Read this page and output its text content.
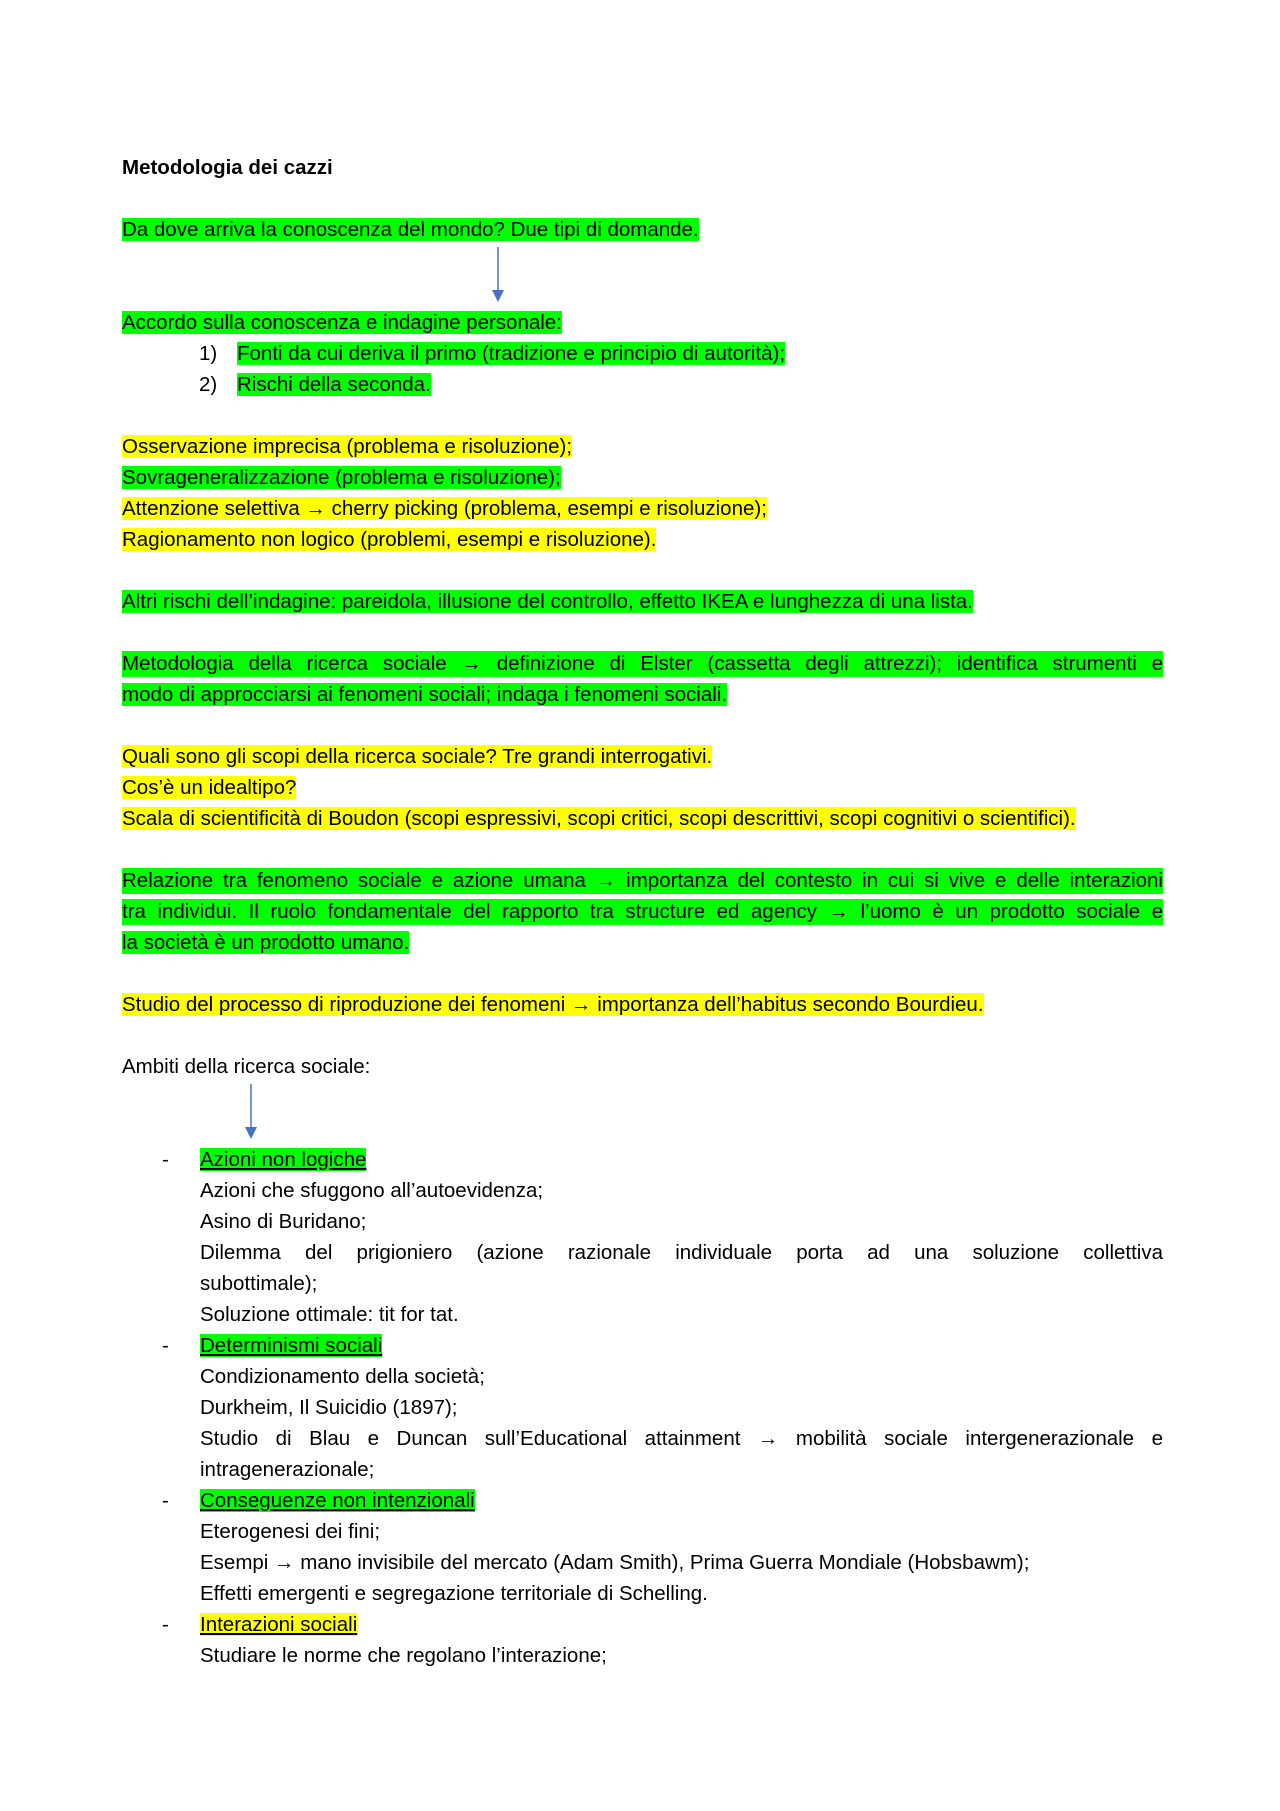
Metodologia dei cazzi
Da dove arriva la conoscenza del mondo? Due tipi di domande.
Accordo sulla conoscenza e indagine personale:
1) Fonti da cui deriva il primo (tradizione e principio di autorità);
2) Rischi della seconda.
Osservazione imprecisa (problema e risoluzione);
Sovrageneralizzazione (problema e risoluzione);
Attenzione selettiva → cherry picking (problema, esempi e risoluzione);
Ragionamento non logico (problemi, esempi e risoluzione).
Altri rischi dell’indagine: pareidola, illusione del controllo, effetto IKEA e lunghezza di una lista.
Metodologia della ricerca sociale → definizione di Elster (cassetta degli attrezzi); identifica strumenti e
modo di approcciarsi ai fenomeni sociali; indaga i fenomeni sociali.
Quali sono gli scopi della ricerca sociale? Tre grandi interrogativi.
Cos’è un idealtipo?
Scala di scientificità di Boudon (scopi espressivi, scopi critici, scopi descrittivi, scopi cognitivi o scientifici).
Relazione tra fenomeno sociale e azione umana → importanza del contesto in cui si vive e delle interazioni
tra individui. Il ruolo fondamentale del rapporto tra structure ed agency → l’uomo è un prodotto sociale e
la società è un prodotto umano.
Studio del processo di riproduzione dei fenomeni → importanza dell’habitus secondo Bourdieu.
Ambiti della ricerca sociale:
- Azioni non logiche
Azioni che sfuggono all’autoevidenza;
Asino di Buridano;
Dilemma del prigioniero (azione razionale individuale porta ad una soluzione collettiva
subottimale);
Soluzione ottimale: tit for tat.
- Determinismi sociali
Condizionamento della società;
Durkheim, Il Suicidio (1897);
Studio di Blau e Duncan sull’Educational attainment → mobilità sociale intergenerazionale e
intragenerazionale;
- Conseguenze non intenzionali
Eterogenesi dei fini;
Esempi → mano invisibile del mercato (Adam Smith), Prima Guerra Mondiale (Hobsbawm);
Effetti emergenti e segregazione territoriale di Schelling.
- Interazioni sociali
Studiare le norme che regolano l’interazione;
